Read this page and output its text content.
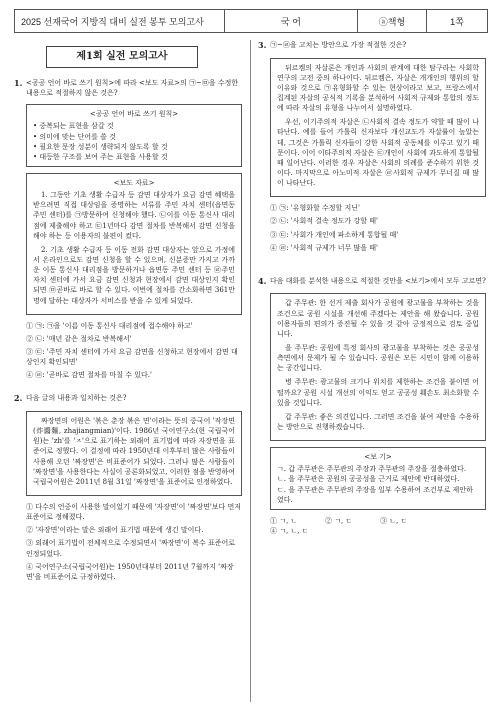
2025 선재국어 지방직 대비 실전 봉투 모의고사	국 어	ⓐ책형	1쪽
제1회 실전 모의고사
1. <공공 언어 바로 쓰기 원칙>에 따라 <보도 자료>의 ㉠~㉤을 수정한 내용으로 적절하지 않은 것은?
<공공 언어 바로 쓰기 원칙>
• 중복되는 표현을 삼갈 것
• 의미에 맞는 단어를 쓸 것
• 필요한 문장 성분이 생략되지 않도록 할 것
• 대등한 구조를 보여 주는 표현을 사용할 것
<보도 자료>

1. 그동안 기초 생활 수급자 등 감면 대상자가 요금 감면 혜택을 받으려면 직접 대상임을 증명하는 서류를 주민 자치 센터(읍면동 주민 센터)를 ㉠방문하여 신청해야 했다. ㉡이를 이동 통신사 대리점에 제출해야 하고 ㉢1년마다 감면 절차를 반복해서 감면 신청을 해야 하는 등 이용자의 불편이 컸다.

2. 기초 생활 수급자 등 이동 전화 감면 대상자는 앞으로 가정에서 온라인으로도 감면 신청을 할 수 있으며, 신분증만 가지고 가까운 이동 통신사 대리점을 방문하거나 읍면동 주민 센터 등 ㉣주민 자치 센터에 가서 요금 감면 신청과 현장에서 감면 대상인지 확인되면 ㉤곧바로 바로 할 수 있다. 이번에 절차를 간소화하면 361만 명에 달하는 대상자가 서비스를 받을 수 있게 되었다.

① ㉠: ㉠을 '이름 이동 통신사 대리점에 접수해야 하고'
② ㉡: '매년 같은 절차로 반복해서'
③ ㉢: '주민 자치 센터에 가서 요금 감면을 신청하고 현장에서 감면 대상인지 확인되면'
④ ㉣: '곧바로 감면 절차를 마칠 수 있다.'
2. 다음 글의 내용과 일치하는 것은?

짜장면의 어원은 '볶은 춘장 볶은 면'이라는 뜻의 중국어 '작장면(炸醬麵, zhajiangmian)'이다. 1986년 국어연구소(현 국립국어원)는 'zh'를 'ㅈ'으로 표기하는 외래어 표기법에 따라 자장면을 표준어로 정했다. 이 결정에 따라 1950년대 이후부터 많은 사람들이 사용해 오던 '짜장면'은 비표준어가 되었다. 그러나 많은 사람들이 '짜장면'을 사용한다는 사실이 공론화되었고, 이러한 점을 반영하여 국립국어원은 2011년 8월 31일 '짜장면'을 표준어로 인정하였다.

① 다수의 언중이 사용한 말이었기 때문에 '자장면'이 '짜장면'보다 먼저 표준어로 정해졌다.
② '자장면'이라는 말은 외래어 표기법 때문에 생긴 말이다.
③ 외래어 표기법이 전체적으로 수정되면서 '짜장면'이 복수 표준어로 인정되었다.
④ 국어연구소(국립국어원)는 1950년대부터 2011년 7월까지 '짜장면'을 비표준어로 규정하였다.
3. ㉠~㉣을 고치는 방안으로 가장 적절한 것은?

뒤르켐의 자살론은 개인과 사회의 관계에 대한 탐구라는 사회학 연구의 고전 중의 하나이다. 뒤르켐은, 자살은 개개인의 행위의 할 이유와 것으로 ㉠유형화할 수 있는 현상이라고 보고, 프랑스에서 집계된 자살의 공식적 기록을 분석하여 사회적 규제와 통합의 정도에 따라 자살의 유형을 나누어서 설명하였다.

우선, 이기주의적 자살은 ㉡사회적 결속 정도가 약할 때 많이 나타난다. 예를 들어 가톨릭 신자보다 개신교도가 자살률이 높았는데, 그것은 가톨릭 신자들이 강한 사회적 공동체를 이루고 있기 때문이다. 이어 이타주의적 자살은 ㉢개인이 사회에 과도하게 통합될 때 일어난다. 이러한 경우 자살은 사회의 의례를 준수하기 위한 것이다. 마지막으로 아노미적 자살은 ㉣사회적 규제가 무너질 때 많이 나타난다.

① ㉠: '유형화할 수정할 지닌'
② ㉡: '사회적 결속 정도가 강할 때'
③ ㉢: '사회가 개인에 파소하게 통합될 때'
④ ㉣: '사회적 규제가 너무 많을 때'
4. 다음 대화를 분석한 내용으로 적절한 것만을 <보기>에서 모두 고르면?

갑 주무관: 한 선거 제출 회사가 공원에 광고물을 부착하는 것을 조건으로 공원 시설을 개선해 주겠다는 제안을 해 왔습니다. 공원 이용자들의 편의가 증진될 수 있을 것 같아 긍정적으로 검토 중입니다.

을 주무관: 공원에 특정 회사의 광고물을 부착하는 것은 공공성 측면에서 문제가 될 수 있습니다. 공원은 모든 시민이 함께 이용하는 공간입니다.

병 주무관: 광고물의 크기나 위치를 제한하는 조건을 붙이면 어떨까요? 공원 시설 개선의 이익도 얻고 공공성 훼손도 최소화할 수 있을 것입니다.

갑 주무관: 좋은 의견입니다. 그러면 조건을 붙여 제안을 수용하는 방안으로 진행하겠습니다.

<보 기>
ㄱ. 갑 주무관은 주무관의 주장과 주무관의 주장을 절충하였다.
ㄴ. 을 주무관은 공원의 공공성을 근거로 제안에 반대하였다.
ㄷ. 을 주무관은 주무관의 주장을 일부 수용하여 조건부로 제안하였다.
① ㄱ, ㄴ	② ㄱ, ㄷ	③ ㄴ, ㄷ
④ ㄱ, ㄴ, ㄷ
